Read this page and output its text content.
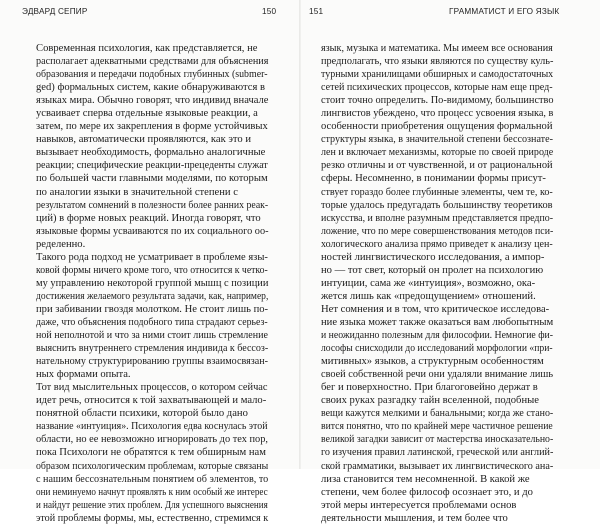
ЭДВАРД СЕПИР	150
Современная психология, как представляется, не
располагает адекватными средствами для объяснения
образования и передачи подобных глубинных (submer-
ged) формальных систем, какие обнаруживаются в
языках мира. Обычно говорят, что индивид вначале
усваивает сперва отдельные языковые реакции, а
затем, по мере их закрепления в форме устойчивых
навыков, автоматически проявляются, как это и
вызывает необходимость, формально аналогичные
реакции; специфические реакции-прецеденты служат
по большей части главными моделями, по которым
по аналогии языки в значительной степени с
результатом сомнений в полезности более ранних реак-
ций) в форме новых реакций. Иногда говорят, что
языковые формы усваиваются по их социального оо-
ределенно.
Такого рода подход не усматривает в проблеме язы-
ковой формы ничего кроме того, что относится к четко-
му управлению некоторой группой мышц с позиции
достижения желаемого результата задачи, как, например,
при забивании гвоздя молотком. Не стоит лишь по-
даже, что объяснения подобного типа страдают серьез-
ной неполнотой и что за ними стоит лишь стремление
выяснить внутреннего стремления индивида к бессоз-
нательному структурированию группы взаимосвязан-
ных формами опыта.
Тот вид мыслительных процессов, о котором сейчас
идет речь, относится к той захватывающей и мало-
понятной области психики, которой было дано
название «интуиция». Психология едва коснулась этой
области, но ее невозможно игнорировать до тех пор,
пока Психологи не обратятся к тем обширным нам
образом психологическим проблемам, которые связаны
с нашим бессознательным понятием об элементов, то
они неминуемо начнут проявлять к ним особый же интерес
и найдут решение этих проблем. Для успешного выяснения
этой проблемы формы, мы, естественно, стремимся к
151	ГРАММАТИСТ И ЕГО ЯЗЫК
язык, музыка и математика. Мы имеем все основания
предполагать, что языки являются по существу куль-
турными хранилищами обширных и самодостаточных
сетей психических процессов, которые нам еще пред-
стоит точно определить. По-видимому, большинство
лингвистов убеждено, что процесс усвоения языка, в
особенности приобретения ощущения формальной
структуры языка, в значительной степени бессознате-
лен и включает механизмы, которые по своей природе
резко отличны и от чувственной, и от рациональной
сферы. Несомненно, в понимании формы присут-
ствует гораздо более глубинные элементы, чем те, ко-
торые удалось предугадать большинству теоретиков
искусства, и вполне разумным представляется предпо-
ложение, что по мере совершенствования методов пси-
хологического анализа прямо приведет к анализу цен-
ностей лингвистического исследования, а импор-
но — тот свет, который он пролет на психологию
интуиции, сама же «интуиция», возможно, ока-
жется лишь как «предощущением» отношений.
Нет сомнения и в том, что критическое исследова-
ние языка может также оказаться вам любопытным
и неожиданно полезным для философии. Немногие фи-
лософы снисходили до исследований морфологии «при-
митивных» языков, а структурным особенностям
своей собственной речи они удаляли внимание лишь
бег и поверхностно. При благоговейно держат в
своих руках разгадку тайн вселенной, подобные
вещи кажутся мелкими и банальными; когда же стано-
вится понятно, что по крайней мере частичное решение
великой загадки зависит от мастерства иносказательно-
го изучения правил латинской, греческой или англий-
ской грамматики, вызывает их лингвистического ана-
лиза становится тем несомненной. В какой же
степени, чем более философ осознает это, и до
этой меры интересуется проблемами основ
деятельности мышления, и тем более что
